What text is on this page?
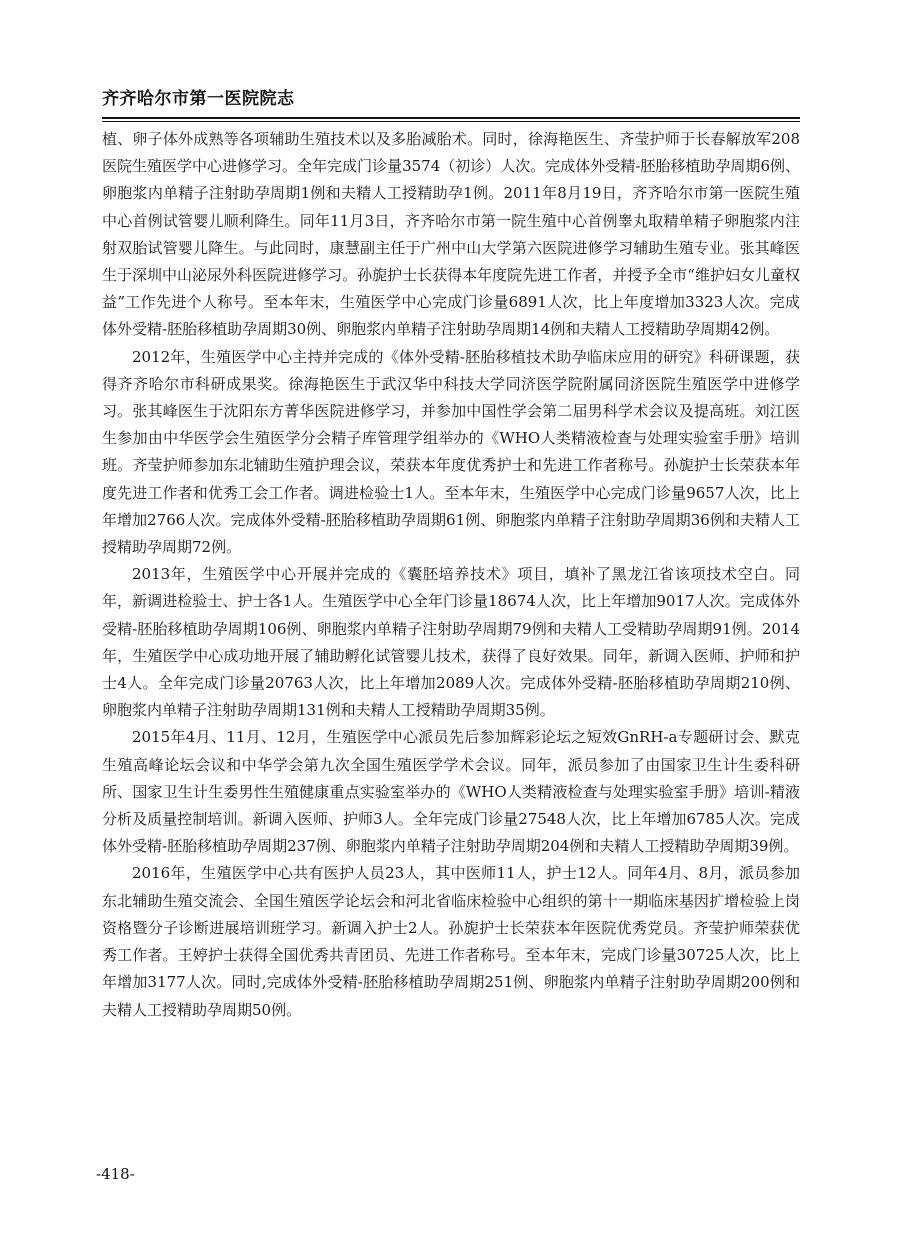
齐齐哈尔市第一医院院志

植、卵子体外成熟等各项辅助生殖技术以及多胎减胎术。同时，徐海艳医生、齐莹护师于长春解放军208医院生殖医学中心进修学习。全年完成门诊量3574（初诊）人次。完成体外受精-胚胎移植助孕周期6例、卵胞浆内单精子注射助孕周期1例和夫精人工授精助孕1例。2011年8月19日，齐齐哈尔市第一医院生殖中心首例试管婴儿顺利降生。同年11月3日，齐齐哈尔市第一院生殖中心首例睾丸取精单精子卵胞浆内注射双胎试管婴儿降生。与此同时，康慧副主任于广州中山大学第六医院进修学习辅助生殖专业。张其峰医生于深圳中山泌尿外科医院进修学习。孙旎护士长获得本年度院先进工作者，并授予全市“维护妇女儿童权益”工作先进个人称号。至本年末，生殖医学中心完成门诊量6891人次，比上年度增加3323人次。完成体外受精-胚胎移植助孕周期30例、卵胞浆内单精子注射助孕周期14例和夫精人工授精助孕周期42例。

2012年，生殖医学中心主持并完成的《体外受精-胚胎移植技术助孕临床应用的研究》科研课题，获得齐齐哈尔市科研成果奖。徐海艳医生于武汉华中科技大学同济医学院附属同济医院生殖医学中进修学习。张其峰医生于沈阳东方菁华医院进修学习，并参加中国性学会第二届男科学术会议及提高班。刘江医生参加由中华医学会生殖医学分会精子库管理学组举办的《WHO人类精液检查与处理实验室手册》培训班。齐莹护师参加东北辅助生殖护理会议，荣获本年度优秀护士和先进工作者称号。孙旎护士长荣获本年度先进工作者和优秀工会工作者。调进检验士1人。至本年末，生殖医学中心完成门诊量9657人次，比上年增加2766人次。完成体外受精-胚胎移植助孕周期61例、卵胞浆内单精子注射助孕周期36例和夫精人工授精助孕周期72例。

2013年，生殖医学中心开展并完成的《囊胚培养技术》项目，填补了黑龙江省该项技术空白。同年，新调进检验士、护士各1人。生殖医学中心全年门诊量18674人次，比上年增加9017人次。完成体外受精-胚胎移植助孕周期106例、卵胞浆内单精子注射助孕周期79例和夫精人工受精助孕周期91例。2014年，生殖医学中心成功地开展了辅助孵化试管婴儿技术，获得了良好效果。同年，新调入医师、护师和护士4人。全年完成门诊量20763人次，比上年增加2089人次。完成体外受精-胚胎移植助孕周期210例、卵胞浆内单精子注射助孕周期131例和夫精人工授精助孕周期35例。

2015年4月、11月、12月，生殖医学中心派员先后参加辉彩论坛之短效GnRH-a专题研讨会、默克生殖高峰论坛会议和中华学会第九次全国生殖医学学术会议。同年，派员参加了由国家卫生计生委科研所、国家卫生计生委男性生殖健康重点实验室举办的《WHO人类精液检查与处理实验室手册》培训-精液分析及质量控制培训。新调入医师、护师3人。全年完成门诊量27548人次，比上年增加6785人次。完成体外受精-胚胎移植助孕周期237例、卵胞浆内单精子注射助孕周期204例和夫精人工授精助孕周期39例。

2016年，生殖医学中心共有医护人员23人，其中医师11人，护士12人。同年4月、8月，派员参加东北辅助生殖交流会、全国生殖医学论坛会和河北省临床检验中心组织的第十一期临床基因扩增检验上岗资格暨分子诊断进展培训班学习。新调入护士2人。孙旎护士长荣获本年医院优秀党员。齐莹护师荣获优秀工作者。王婷护士获得全国优秀共青团员、先进工作者称号。至本年末，完成门诊量30725人次，比上年增加3177人次。同时,完成体外受精-胚胎移植助孕周期251例、卵胞浆内单精子注射助孕周期200例和夫精人工授精助孕周期50例。

-418-
